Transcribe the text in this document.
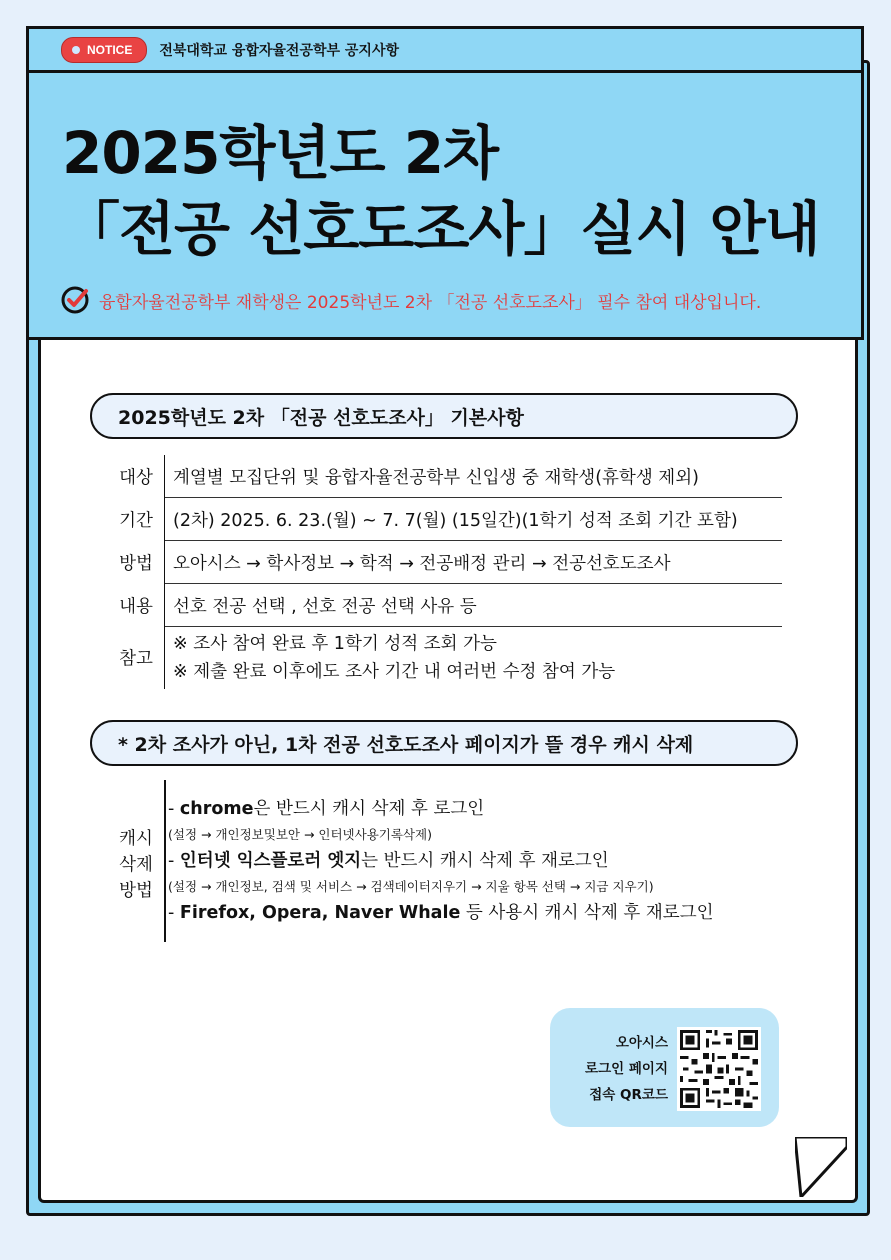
NOTICE 전북대학교 융합자율전공학부 공지사항
2025학년도 2차
「전공 선호도조사」실시 안내
융합자율전공학부 재학생은 2025학년도 2차 「전공 선호도조사」 필수 참여 대상입니다.
2025학년도 2차 「전공 선호도조사」 기본사항
대상	계열별 모집단위 및 융합자율전공학부 신입생 중 재학생(휴학생 제외)
기간	(2차) 2025. 6. 23.(월) ~ 7. 7(월) (15일간)(1학기 성적 조회 기간 포함)
방법	오아시스 → 학사정보 → 학적 → 전공배정 관리 → 전공선호도조사
내용	선호 전공 선택 , 선호 전공 선택 사유 등
참고	※ 조사 참여 완료 후 1학기 성적 조회 가능
※ 제출 완료 이후에도 조사 기간 내 여러번 수정 참여 가능
* 2차 조사가 아닌, 1차 전공 선호도조사 페이지가 뜰 경우 캐시 삭제
캐시
삭제
방법
- chrome은 반드시 캐시 삭제 후 로그인
(설정 → 개인정보및보안 → 인터넷사용기록삭제)
- 인터넷 익스플로러 엣지는 반드시 캐시 삭제 후 재로그인
(설정 → 개인정보, 검색 및 서비스 → 검색데이터지우기 → 지울 항목 선택 → 지금 지우기)
- Firefox, Opera, Naver Whale 등 사용시 캐시 삭제 후 재로그인
오아시스
로그인 페이지
접속 QR코드
